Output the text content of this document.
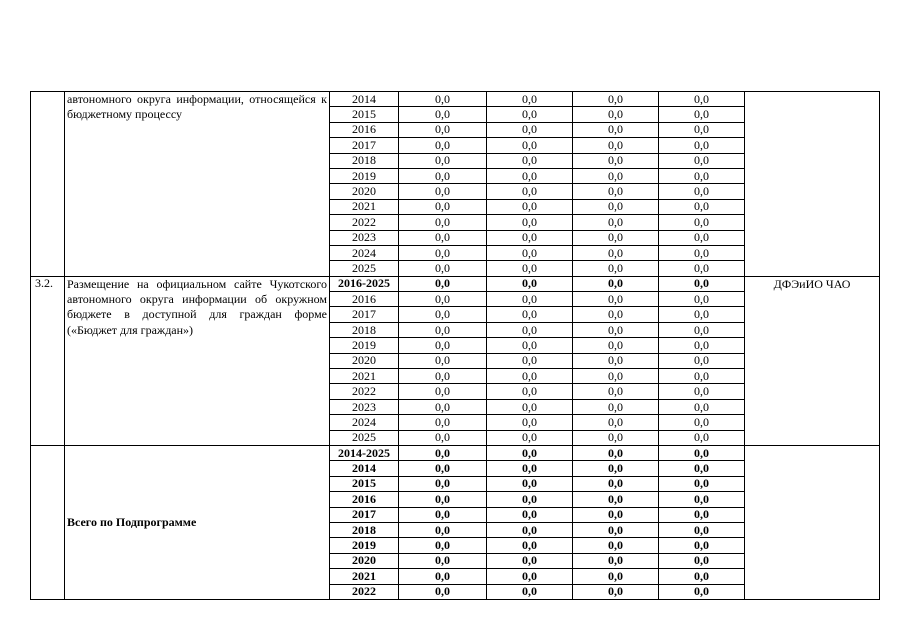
	автономного округа информации, относящейся к бюджетному процессу	2014	0,0	0,0	0,0	0,0	
		2015	0,0	0,0	0,0	0,0	
		2016	0,0	0,0	0,0	0,0	
		2017	0,0	0,0	0,0	0,0	
		2018	0,0	0,0	0,0	0,0	
		2019	0,0	0,0	0,0	0,0	
		2020	0,0	0,0	0,0	0,0	
		2021	0,0	0,0	0,0	0,0	
		2022	0,0	0,0	0,0	0,0	
		2023	0,0	0,0	0,0	0,0	
		2024	0,0	0,0	0,0	0,0	
		2025	0,0	0,0	0,0	0,0	
3.2.	Размещение на официальном сайте Чукотского автономного округа информации об окружном бюджете в доступной для граждан форме («Бюджет для граждан»)	2016-2025	0,0	0,0	0,0	0,0	ДФЭиИО ЧАО
		2016	0,0	0,0	0,0	0,0	
		2017	0,0	0,0	0,0	0,0	
		2018	0,0	0,0	0,0	0,0	
		2019	0,0	0,0	0,0	0,0	
		2020	0,0	0,0	0,0	0,0	
		2021	0,0	0,0	0,0	0,0	
		2022	0,0	0,0	0,0	0,0	
		2023	0,0	0,0	0,0	0,0	
		2024	0,0	0,0	0,0	0,0	
		2025	0,0	0,0	0,0	0,0	
	Всего по Подпрограмме	2014-2025	0,0	0,0	0,0	0,0	
		2014	0,0	0,0	0,0	0,0	
		2015	0,0	0,0	0,0	0,0	
		2016	0,0	0,0	0,0	0,0	
		2017	0,0	0,0	0,0	0,0	
		2018	0,0	0,0	0,0	0,0	
		2019	0,0	0,0	0,0	0,0	
		2020	0,0	0,0	0,0	0,0	
		2021	0,0	0,0	0,0	0,0	
		2022	0,0	0,0	0,0	0,0	
